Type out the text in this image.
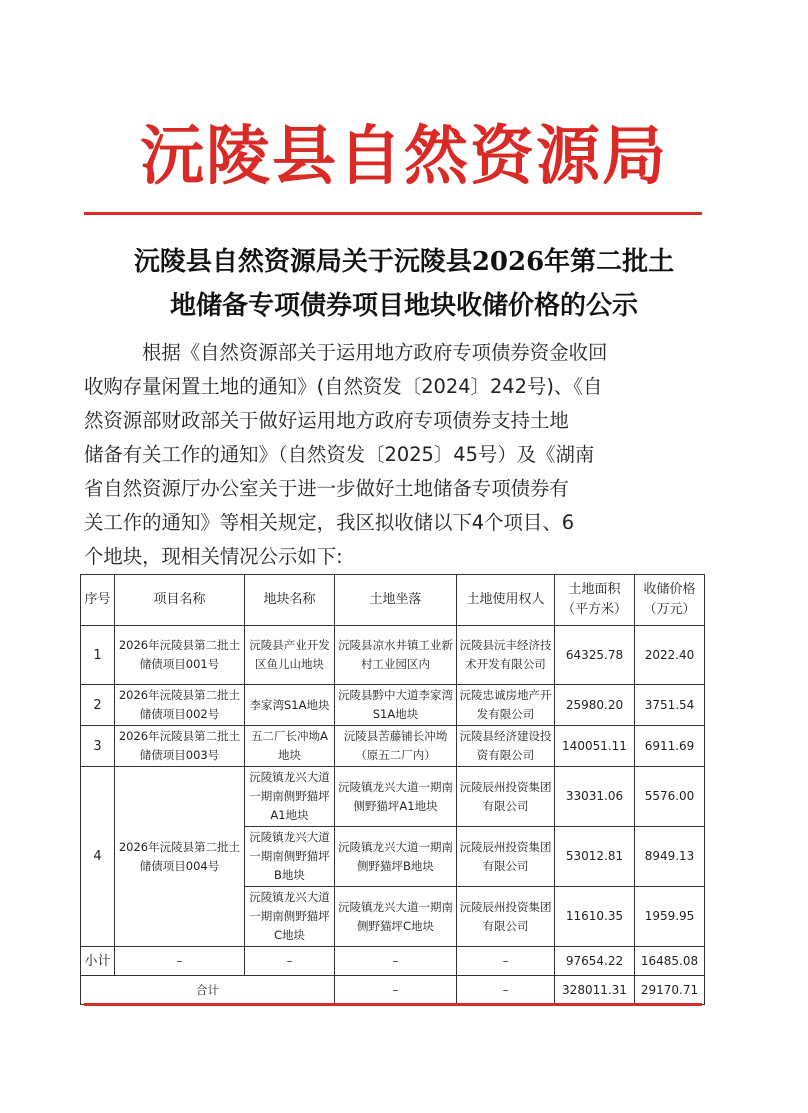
沅陵县自然资源局
沅陵县自然资源局关于沅陵县2026年第二批土
地储备专项债券项目地块收储价格的公示
根据《自然资源部关于运用地方政府专项债券资金收回
收购存量闲置土地的通知》(自然资发〔2024〕242号)、《自
然资源部财政部关于做好运用地方政府专项债券支持土地
储备有关工作的通知》（自然资发〔2025〕45号）及《湖南
省自然资源厅办公室关于进一步做好土地储备专项债券有
关工作的通知》等相关规定，我区拟收储以下4个项目、6
个地块，现相关情况公示如下:
序号	项目名称	地块名称	土地坐落	土地使用权人	土地面积（平方米）	收储价格（万元）
1	2026年沅陵县第二批土储债项目001号	沅陵县产业开发区鱼儿山地块	沅陵县凉水井镇工业新村工业园区内	沅陵县沅丰经济技术开发有限公司	64325.78	2022.40
2	2026年沅陵县第二批土储债项目002号	李家湾S1A地块	沅陵县黔中大道李家湾S1A地块	沅陵忠诚房地产开发有限公司	25980.20	3751.54
3	2026年沅陵县第二批土储债项目003号	五二厂长冲坳A地块	沅陵县苦藤铺长冲坳（原五二厂内）	沅陵县经济建设投资有限公司	140051.11	6911.69
4	2026年沅陵县第二批土储债项目004号	沅陵镇龙兴大道一期南侧野猫坪A1地块	沅陵镇龙兴大道一期南侧野猫坪A1地块	沅陵辰州投资集团有限公司	33031.06	5576.00
		沅陵镇龙兴大道一期南侧野猫坪B地块	沅陵镇龙兴大道一期南侧野猫坪B地块	沅陵辰州投资集团有限公司	53012.81	8949.13
		沅陵镇龙兴大道一期南侧野猫坪C地块	沅陵镇龙兴大道一期南侧野猫坪C地块	沅陵辰州投资集团有限公司	11610.35	1959.95
小计	–	–	–	–	97654.22	16485.08
合计			–	–	328011.31	29170.71
